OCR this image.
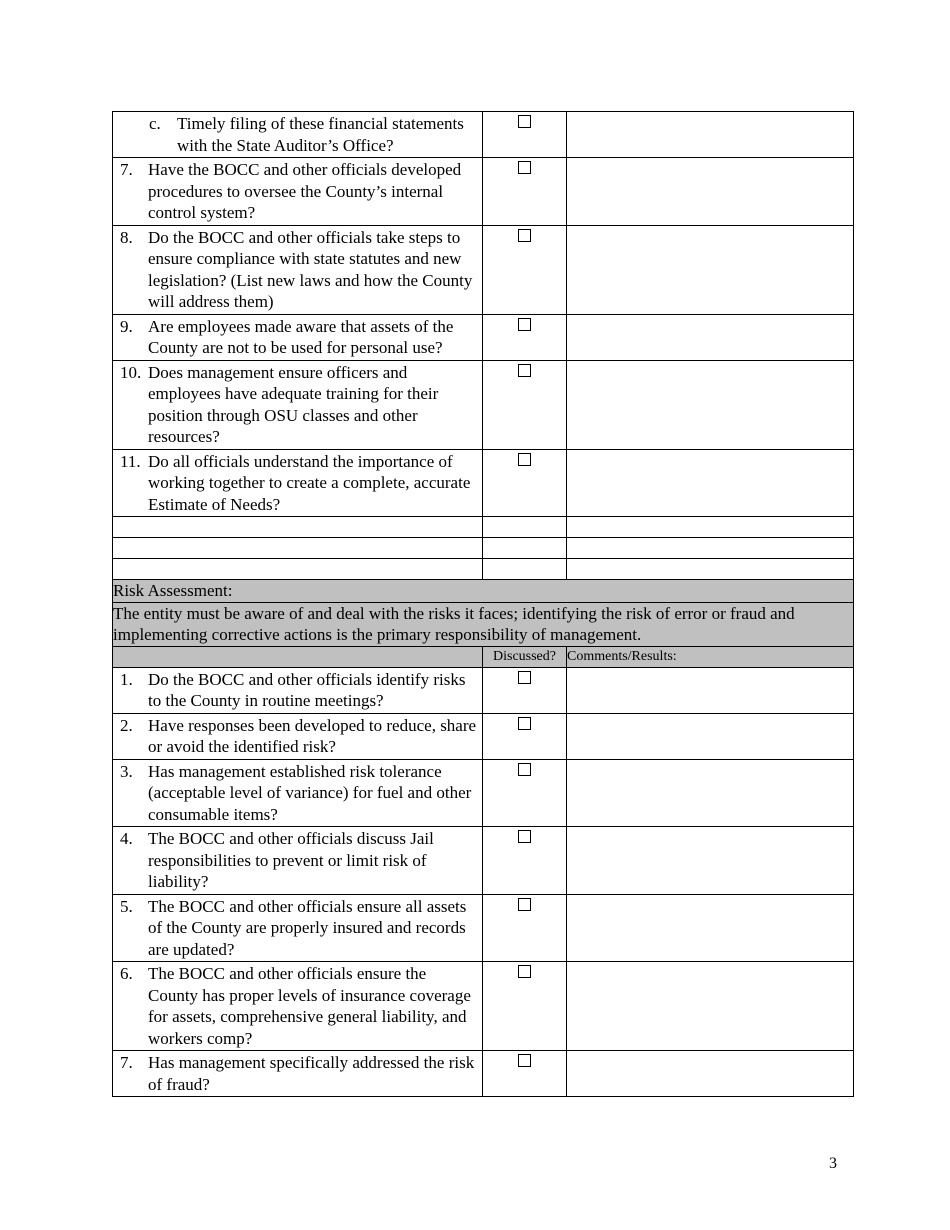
c. Timely filing of these financial statements with the State Auditor’s Office?		

7. Have the BOCC and other officials developed procedures to oversee the County’s internal control system?		

8. Do the BOCC and other officials take steps to ensure compliance with state statutes and new legislation? (List new laws and how the County will address them)		

9. Are employees made aware that assets of the County are not to be used for personal use?		

10. Does management ensure officers and employees have adequate training for their position through OSU classes and other resources?		

11. Do all officials understand the importance of working together to create a complete, accurate Estimate of Needs?		

Risk Assessment:		
The entity must be aware of and deal with the risks it faces; identifying the risk of error or fraud and implementing corrective actions is the primary responsibility of management.		
	Discussed?	Comments/Results:

1. Do the BOCC and other officials identify risks to the County in routine meetings?		

2. Have responses been developed to reduce, share or avoid the identified risk?		

3. Has management established risk tolerance (acceptable level of variance) for fuel and other consumable items?		

4. The BOCC and other officials discuss Jail responsibilities to prevent or limit risk of liability?		

5. The BOCC and other officials ensure all assets of the County are properly insured and records are updated?		

6. The BOCC and other officials ensure the County has proper levels of insurance coverage for assets, comprehensive general liability, and workers comp?		

7. Has management specifically addressed the risk of fraud?		

3
